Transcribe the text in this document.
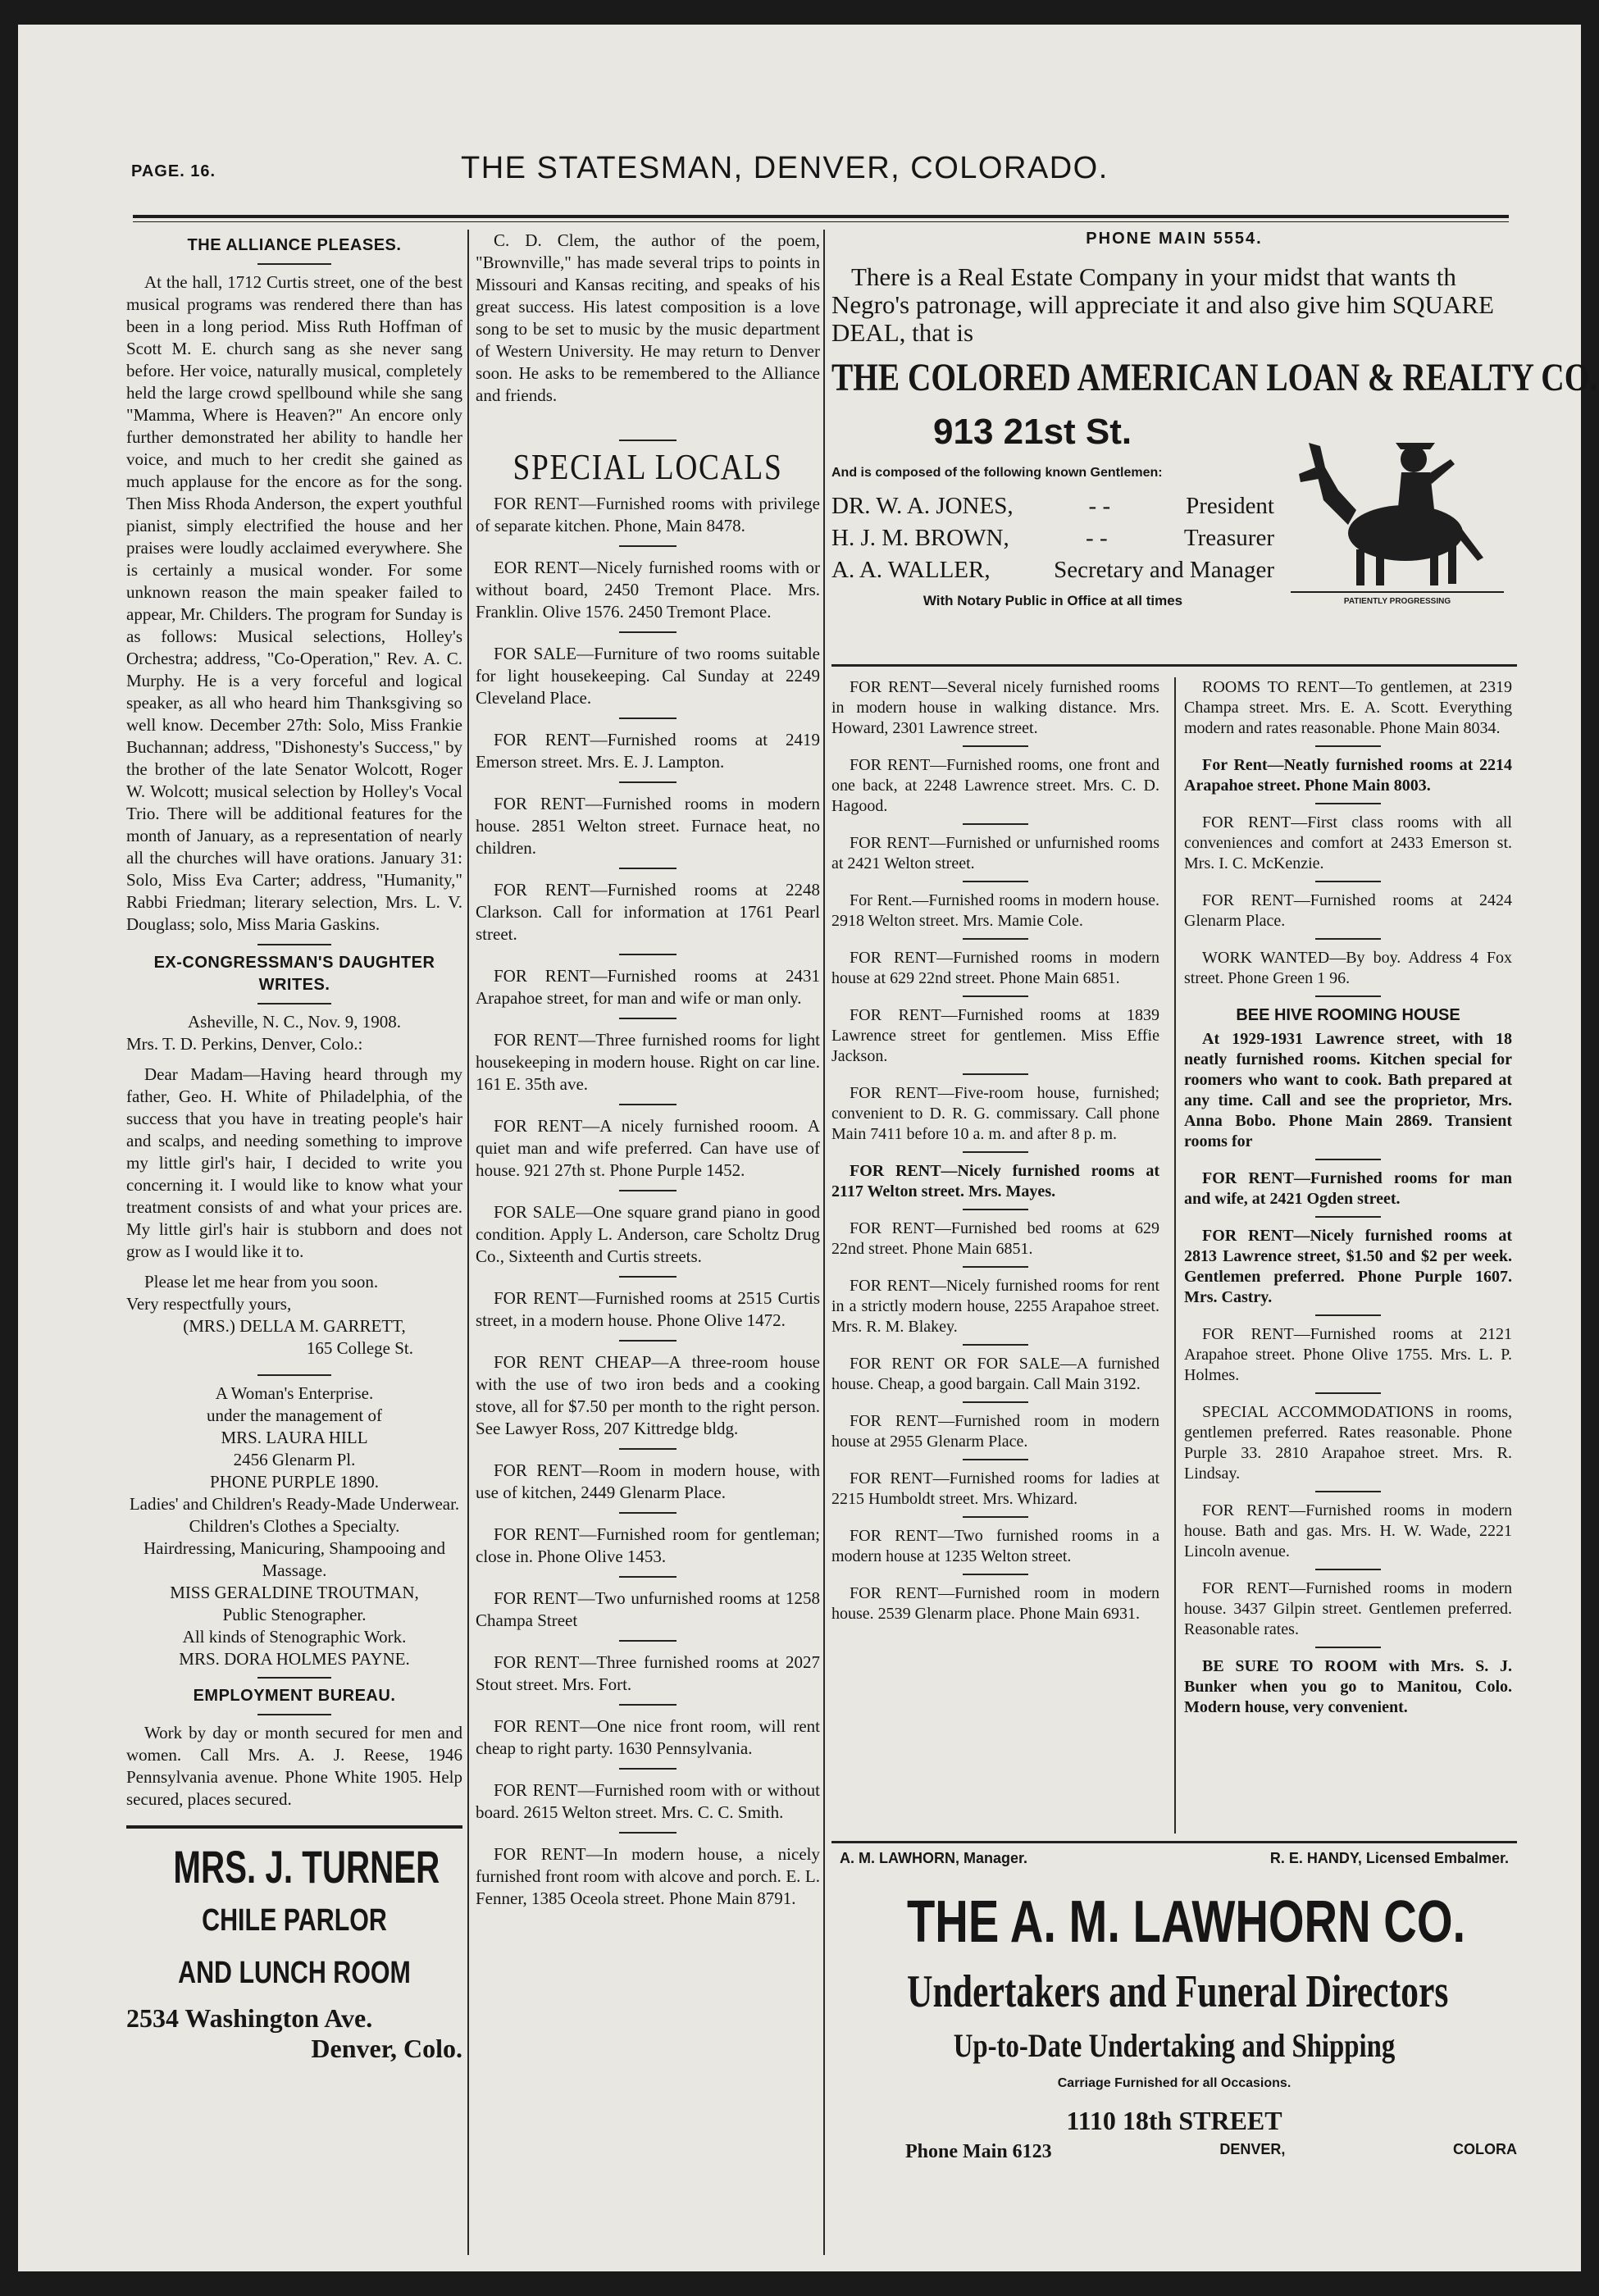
PAGE. 16.	THE STATESMAN, DENVER, COLORADO.
THE ALLIANCE PLEASES.

At the hall, 1712 Curtis street, one of the best musical programs was rendered there than has been in a long period. Miss Ruth Hoffman of Scott M. E. church sang as she never sang before. Her voice, naturally musical, completely held the large crowd spellbound while she sang "Mamma, Where is Heaven?" An encore only further demonstrated her ability to handle her voice, and much to her credit she gained as much applause for the encore as for the song. Then Miss Rhoda Anderson, the expert youthful pianist, simply electrified the house and her praises were loudly acclaimed everywhere. She is certainly a musical wonder. For some unknown reason the main speaker failed to appear, Mr. Childers. The program for Sunday is as follows: Musical selections, Holley's Orchestra; address, "Co-Operation," Rev. A. C. Murphy. He is a very forceful and logical speaker, as all who heard him Thanksgiving so well know. December 27th: Solo, Miss Frankie Buchannan; address, "Dishonesty's Success," by the brother of the late Senator Wolcott, Roger W. Wolcott; musical selection by Holley's Vocal Trio. There will be additional features for the month of January, as a representation of nearly all the churches will have orations. January 31: Solo, Miss Eva Carter; address, "Humanity," Rabbi Friedman; literary selection, Mrs. L. V. Douglass; solo, Miss Maria Gaskins.

EX-CONGRESSMAN'S DAUGHTER WRITES.

Asheville, N. C., Nov. 9, 1908.

Mrs. T. D. Perkins, Denver, Colo.:

Dear Madam—Having heard through my father, Geo. H. White of Philadelphia, of the success that you have in treating people's hair and scalps, and needing something to improve my little girl's hair, I decided to write you concerning it. I would like to know what your treatment consists of and what your prices are. My little girl's hair is stubborn and does not grow as I would like it to.

Please let me hear from you soon.

Very respectfully yours,

(MRS.) DELLA M. GARRETT,

165 College St.

A Woman's Enterprise.

under the management of

MRS. LAURA HILL

2456 Glenarm Pl.

PHONE PURPLE 1890.

Ladies' and Children's Ready-Made Underwear.

Children's Clothes a Specialty.

Hairdressing, Manicuring, Shampooing and Massage.

MISS GERALDINE TROUTMAN,

Public Stenographer.

All kinds of Stenographic Work.

MRS. DORA HOLMES PAYNE.

EMPLOYMENT BUREAU.

Work by day or month secured for men and women. Call Mrs. A. J. Reese, 1946 Pennsylvania avenue. Phone White 1905. Help secured, places secured.

MRS. J. TURNER
CHILE PARLOR
AND LUNCH ROOM
2534 Washington Ave.
Denver, Colo.

C. D. Clem, the author of the poem, "Brownville," has made several trips to points in Missouri and Kansas reciting, and speaks of his great success. His latest composition is a love song to be set to music by the music department of Western University. He may return to Denver soon. He asks to be remembered to the Alliance and friends.

SPECIAL LOCALS

FOR RENT—Furnished rooms with privilege of separate kitchen. Phone, Main 8478.

EOR RENT—Nicely furnished rooms with or without board, 2450 Tremont Place. Mrs. Franklin. Olive 1576. 2450 Tremont Place.

FOR SALE—Furniture of two rooms suitable for light housekeeping. Cal Sunday at 2249 Cleveland Place.

FOR RENT—Furnished rooms at 2419 Emerson street. Mrs. E. J. Lampton.

FOR RENT—Furnished rooms in modern house. 2851 Welton street. Furnace heat, no children.

FOR RENT—Furnished rooms at 2248 Clarkson. Call for information at 1761 Pearl street.

FOR RENT—Furnished rooms at 2431 Arapahoe street, for man and wife or man only.

FOR RENT—Three furnished rooms for light housekeeping in modern house. Right on car line. 161 E. 35th ave.

FOR RENT—A nicely furnished rooom. A quiet man and wife preferred. Can have use of house. 921 27th st. Phone Purple 1452.

FOR SALE—One square grand piano in good condition. Apply L. Anderson, care Scholtz Drug Co., Sixteenth and Curtis streets.

FOR RENT—Furnished rooms at 2515 Curtis street, in a modern house. Phone Olive 1472.

FOR RENT CHEAP—A three-room house with the use of two iron beds and a cooking stove, all for $7.50 per month to the right person. See Lawyer Ross, 207 Kittredge bldg.

FOR RENT—Room in modern house, with use of kitchen, 2449 Glenarm Place.

FOR RENT—Furnished room for gentleman; close in. Phone Olive 1453.

FOR RENT—Two unfurnished rooms at 1258 Champa Street

FOR RENT—Three furnished rooms at 2027 Stout street. Mrs. Fort.

FOR RENT—One nice front room, will rent cheap to right party. 1630 Pennsylvania.

FOR RENT—Furnished room with or without board. 2615 Welton street. Mrs. C. C. Smith.

FOR RENT—In modern house, a nicely furnished front room with alcove and porch. E. L. Fenner, 1385 Oceola street. Phone Main 8791.

PHONE MAIN 5554.
There is a Real Estate Company in your midst that wants th Negro's patronage, will appreciate it and also give him SQUARE DEAL, that is
THE COLORED AMERICAN LOAN & REALTY CO.
913 21st St.
And is composed of the following known Gentlemen:
DR. W. A. JONES,	- -	President
H. J. M. BROWN,	- -	Treasurer
A. A. WALLER,	Secretary and Manager
With Notary Public in Office at all times	PATIENTLY PROGRESSING

FOR RENT—Several nicely furnished rooms in modern house in walking distance. Mrs. Howard, 2301 Lawrence street.

FOR RENT—Furnished rooms, one front and one back, at 2248 Lawrence street. Mrs. C. D. Hagood.

FOR RENT—Furnished or unfurnished rooms at 2421 Welton street.

For Rent.—Furnished rooms in modern house. 2918 Welton street. Mrs. Mamie Cole.

FOR RENT—Furnished rooms in modern house at 629 22nd street. Phone Main 6851.

FOR RENT—Furnished rooms at 1839 Lawrence street for gentlemen. Miss Effie Jackson.

FOR RENT—Five-room house, furnished; convenient to D. R. G. commissary. Call phone Main 7411 before 10 a. m. and after 8 p. m.

FOR RENT—Nicely furnished rooms at 2117 Welton street. Mrs. Mayes.

FOR RENT—Furnished bed rooms at 629 22nd street. Phone Main 6851.

FOR RENT—Nicely furnished rooms for rent in a strictly modern house, 2255 Arapahoe street. Mrs. R. M. Blakey.

FOR RENT OR FOR SALE—A furnished house. Cheap, a good bargain. Call Main 3192.

FOR RENT—Furnished room in modern house at 2955 Glenarm Place.

FOR RENT—Furnished rooms for ladies at 2215 Humboldt street. Mrs. Whizard.

FOR RENT—Two furnished rooms in a modern house at 1235 Welton street.

FOR RENT—Furnished room in modern house. 2539 Glenarm place. Phone Main 6931.

ROOMS TO RENT—To gentlemen, at 2319 Champa street. Mrs. E. A. Scott. Everything modern and rates reasonable. Phone Main 8034.

For Rent—Neatly furnished rooms at 2214 Arapahoe street. Phone Main 8003.

FOR RENT—First class rooms with all conveniences and comfort at 2433 Emerson st. Mrs. I. C. McKenzie.

FOR RENT—Furnished rooms at 2424 Glenarm Place.

WORK WANTED—By boy. Address 4 Fox street. Phone Green 1 96.

BEE HIVE ROOMING HOUSE

At 1929-1931 Lawrence street, with 18 neatly furnished rooms. Kitchen special for roomers who want to cook. Bath prepared at any time. Call and see the proprietor, Mrs. Anna Bobo. Phone Main 2869. Transient rooms for

FOR RENT—Furnished rooms for man and wife, at 2421 Ogden street.

FOR RENT—Nicely furnished rooms at 2813 Lawrence street, $1.50 and $2 per week. Gentlemen preferred. Phone Purple 1607. Mrs. Castry.

FOR RENT—Furnished rooms at 2121 Arapahoe street. Phone Olive 1755. Mrs. L. P. Holmes.

SPECIAL ACCOMMODATIONS in rooms, gentlemen preferred. Rates reasonable. Phone Purple 33. 2810 Arapahoe street. Mrs. R. Lindsay.

FOR RENT—Furnished rooms in modern house. Bath and gas. Mrs. H. W. Wade, 2221 Lincoln avenue.

FOR RENT—Furnished rooms in modern house. 3437 Gilpin street. Gentlemen preferred. Reasonable rates.

BE SURE TO ROOM with Mrs. S. J. Bunker when you go to Manitou, Colo. Modern house, very convenient.

A. M. LAWHORN, Manager.	R. E. HANDY, Licensed Embalmer.
THE A. M. LAWHORN CO.
Undertakers and Funeral Directors
Up-to-Date Undertaking and Shipping
Carriage Furnished for all Occasions.
1110 18th STREET
Phone Main 6123	DENVER,	COLORA
